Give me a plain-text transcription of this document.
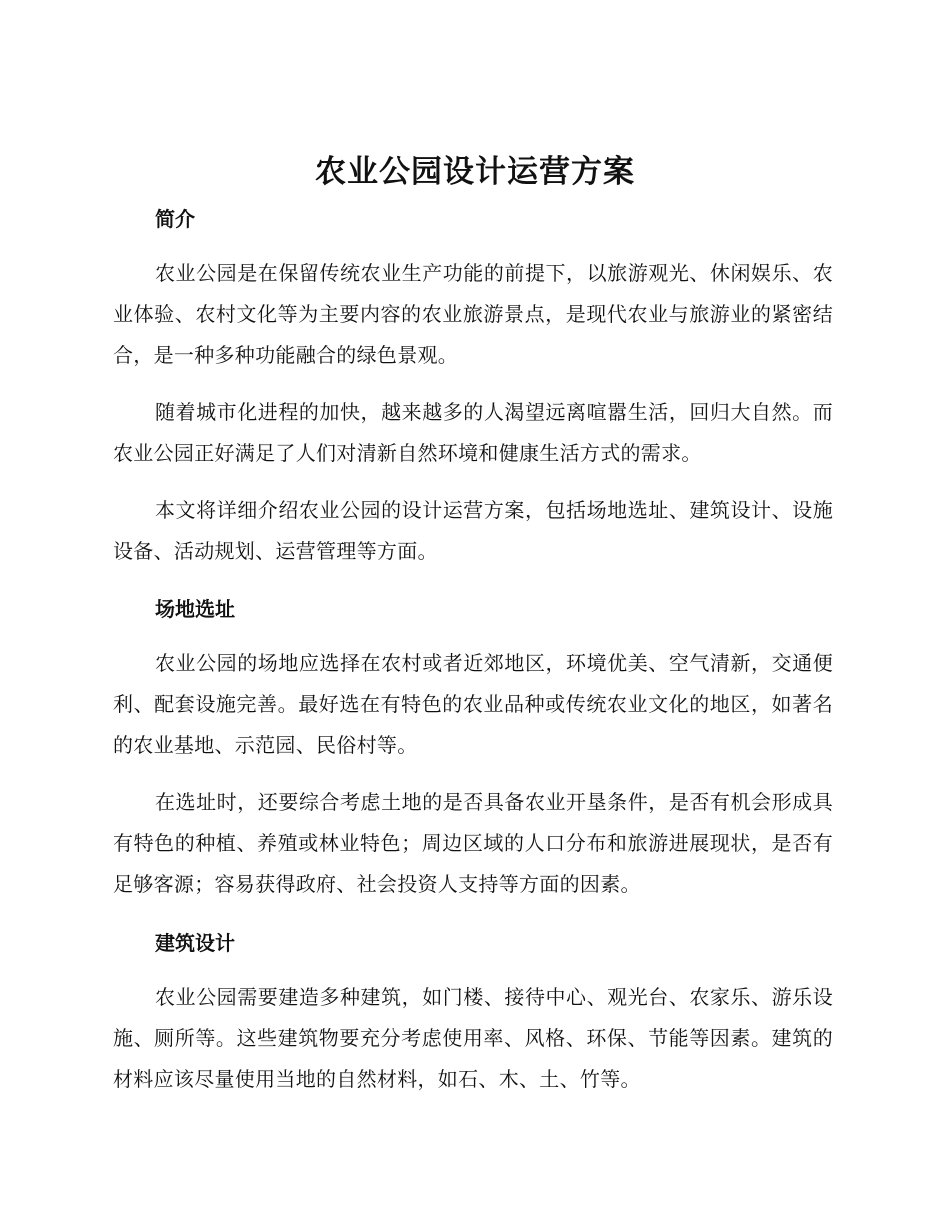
农业公园设计运营方案

简介

农业公园是在保留传统农业生产功能的前提下，以旅游观光、休闲娱乐、农业体验、农村文化等为主要内容的农业旅游景点，是现代农业与旅游业的紧密结合，是一种多种功能融合的绿色景观。

随着城市化进程的加快，越来越多的人渴望远离喧嚣生活，回归大自然。而农业公园正好满足了人们对清新自然环境和健康生活方式的需求。

本文将详细介绍农业公园的设计运营方案，包括场地选址、建筑设计、设施设备、活动规划、运营管理等方面。

场地选址

农业公园的场地应选择在农村或者近郊地区，环境优美、空气清新，交通便利、配套设施完善。最好选在有特色的农业品种或传统农业文化的地区，如著名的农业基地、示范园、民俗村等。

在选址时，还要综合考虑土地的是否具备农业开垦条件，是否有机会形成具有特色的种植、养殖或林业特色；周边区域的人口分布和旅游进展现状，是否有足够客源；容易获得政府、社会投资人支持等方面的因素。

建筑设计

农业公园需要建造多种建筑，如门楼、接待中心、观光台、农家乐、游乐设施、厕所等。这些建筑物要充分考虑使用率、风格、环保、节能等因素。建筑的材料应该尽量使用当地的自然材料，如石、木、土、竹等。
